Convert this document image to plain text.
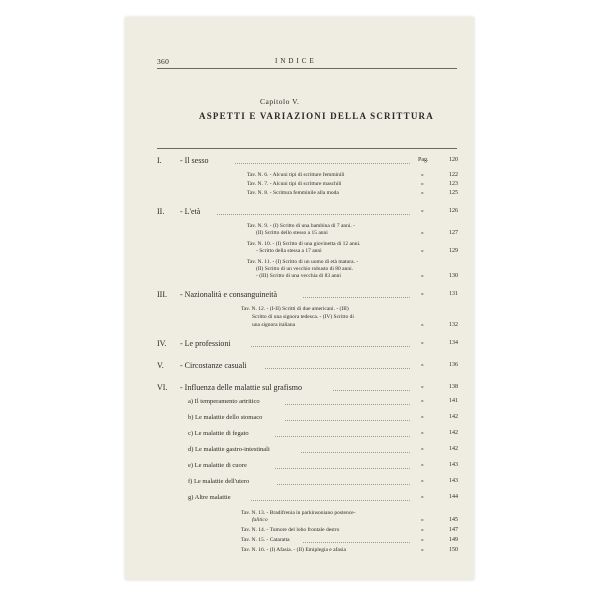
360	INDICE
Capitolo V.
ASPETTI E VARIAZIONI DELLA SCRITTURA
I. - Il sesso	Pag.	120
Tav. N. 6. - Alcuni tipi di scritture femminili	»	122
Tav. N. 7. - Alcuni tipi di scritture maschili	»	123
Tav. N. 8. - Scrittura femminile alla moda	»	125
II. - L'età	»	126
Tav. N. 9. - (I) Scritto di una bambina di 7 anni. -
(II) Scritto dello stesso a 15 anni	»	127
Tav. N. 10. - (I) Scritto di una giovinetta di 12 anni.
- Scritto della stessa a 17 anni	»	129
Tav. N. 11. - (I) Scritto di un uomo di età matura. -
(II) Scritto di un vecchio robusto di 80 anni.
- (III) Scritto di una vecchia di 83 anni	»	130
III. - Nazionalità e consanguineità	»	131
Tav. N. 12. - (I-II) Scritti di due americani. - (III)
Scritto di una signora tedesca. - (IV) Scritto di
una signora italiana	»	132
IV. - Le professioni	»	134
V. - Circostanze casuali	»	136
VI. - Influenza delle malattie sul grafismo	»	138
a) Il temperamento artritico	»	141
b) Le malattie dello stomaco	»	142
c) Le malattie di fegato	»	142
d) Le malattie gastro-intestinali	»	142
e) Le malattie di cuore	»	143
f) Le malattie dell'utero	»	143
g) Altre malattie	»	144
Tav. N. 13. - Bradifrenia in parkinsoniano postence-
falitico	»	145
Tav. N. 14. - Tumore del lobo frontale destro	»	147
Tav. N. 15. - Cataratta	»	149
Tav. N. 16. - (I) Afasia. - (II) Emiplegia e afasia	»	150
